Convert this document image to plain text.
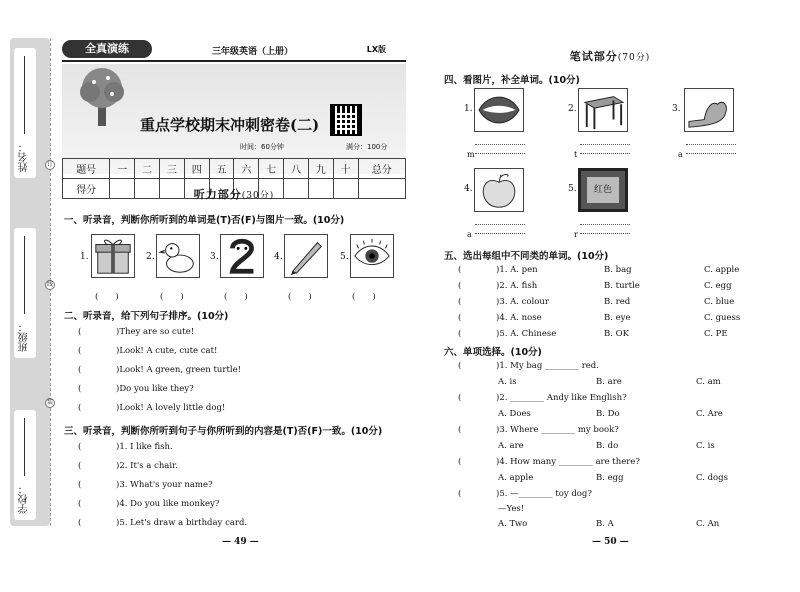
姓名：
班级：
学校：
订
线
装
全真演练	三年级英语（上册）	LX版
重点学校期末冲刺密卷(二)
时间：60分钟	满分：100分
题号	一	二	三	四	五	六	七	八	九	十	总分
得分												听力部分(30分)
一、听录音，判断你所听到的单词是(T)否(F)与图片一致。(10分)
1.	2.	3.	4.	5.
(　　)	(　　)	(　　)	(　　)	(　　)
二、听录音，给下列句子排序。(10分)
(	)They are so cute!
(	)Look! A cute, cute cat!
(	)Look! A green, green turtle!
(	)Do you like they?
(	)Look! A lovely little dog!
三、听录音，判断你所听到句子与你所听到的内容是(T)否(F)一致。(10分)
(	)1. I like fish.
(	)2. It's a chair.
(	)3. What's your name?
(	)4. Do you like monkey?
(	)5. Let's draw a birthday card.
— 49 —
笔试部分(70分)
四、看图片，补全单词。(10分)
1.	2.	3.
m	t	a
4.	5.	红色
a	r
五、选出每组中不同类的单词。(10分)
(	)1. A. pen	B. bag	C. apple
(	)2. A. fish	B. turtle	C. egg
(	)3. A. colour	B. red	C. blue
(	)4. A. nose	B. eye	C. guess
(	)5. A. Chinese	B. OK	C. PE
六、单项选择。(10分)
(	)1. My bag ________ red.
A. is	B. are	C. am
(	)2. ________ Andy like English?
A. Does	B. Do	C. Are
(	)3. Where ________ my book?
A. are	B. do	C. is
(	)4. How many ________ are there?
A. apple	B. egg	C. dogs
(	)5. —________ toy dog?
—Yes!
A. Two	B. A	C. An
— 50 —
